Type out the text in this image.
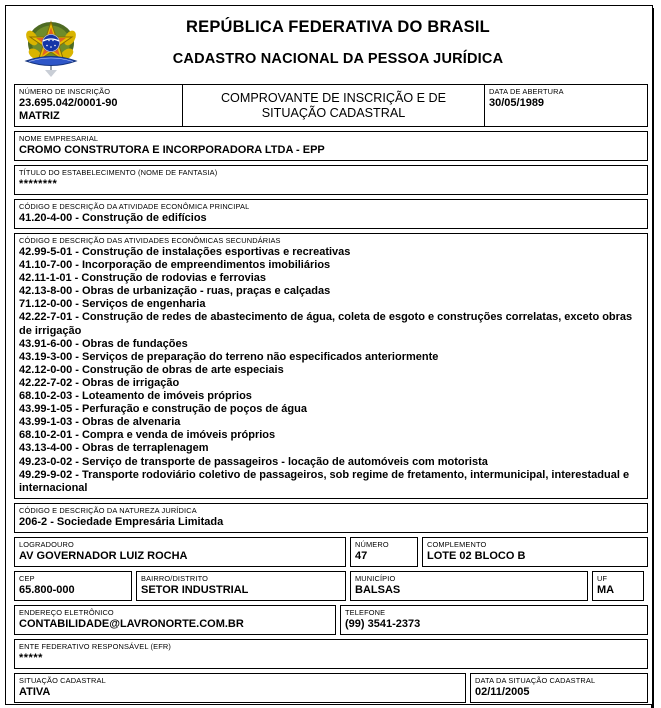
REPÚBLICA FEDERATIVA DO BRASIL
CADASTRO NACIONAL DA PESSOA JURÍDICA
NÚMERO DE INSCRIÇÃO
23.695.042/0001-90
MATRIZ
COMPROVANTE DE INSCRIÇÃO E DE SITUAÇÃO CADASTRAL
DATA DE ABERTURA
30/05/1989
NOME EMPRESARIAL
CROMO CONSTRUTORA E INCORPORADORA LTDA - EPP
TÍTULO DO ESTABELECIMENTO (NOME DE FANTASIA)
********
CÓDIGO E DESCRIÇÃO DA ATIVIDADE ECONÔMICA PRINCIPAL
41.20-4-00 - Construção de edifícios
CÓDIGO E DESCRIÇÃO DAS ATIVIDADES ECONÔMICAS SECUNDÁRIAS
42.99-5-01 - Construção de instalações esportivas e recreativas
41.10-7-00 - Incorporação de empreendimentos imobiliários
42.11-1-01 - Construção de rodovias e ferrovias
42.13-8-00 - Obras de urbanização - ruas, praças e calçadas
71.12-0-00 - Serviços de engenharia
42.22-7-01 - Construção de redes de abastecimento de água, coleta de esgoto e construções correlatas, exceto obras de irrigação
43.91-6-00 - Obras de fundações
43.19-3-00 - Serviços de preparação do terreno não especificados anteriormente
42.12-0-00 - Construção de obras de arte especiais
42.22-7-02 - Obras de irrigação
68.10-2-03 - Loteamento de imóveis próprios
43.99-1-05 - Perfuração e construção de poços de água
43.99-1-03 - Obras de alvenaria
68.10-2-01 - Compra e venda de imóveis próprios
43.13-4-00 - Obras de terraplenagem
49.23-0-02 - Serviço de transporte de passageiros - locação de automóveis com motorista
49.29-9-02 - Transporte rodoviário coletivo de passageiros, sob regime de fretamento, intermunicipal, interestadual e internacional
CÓDIGO E DESCRIÇÃO DA NATUREZA JURÍDICA
206-2 - Sociedade Empresária Limitada
LOGRADOURO
AV GOVERNADOR LUIZ ROCHA
NÚMERO
47
COMPLEMENTO
LOTE 02 BLOCO B
CEP
65.800-000
BAIRRO/DISTRITO
SETOR INDUSTRIAL
MUNICÍPIO
BALSAS
UF
MA
ENDEREÇO ELETRÔNICO
CONTABILIDADE@LAVRONORTE.COM.BR
TELEFONE
(99) 3541-2373
ENTE FEDERATIVO RESPONSÁVEL (EFR)
*****
SITUAÇÃO CADASTRAL
ATIVA
DATA DA SITUAÇÃO CADASTRAL
02/11/2005
